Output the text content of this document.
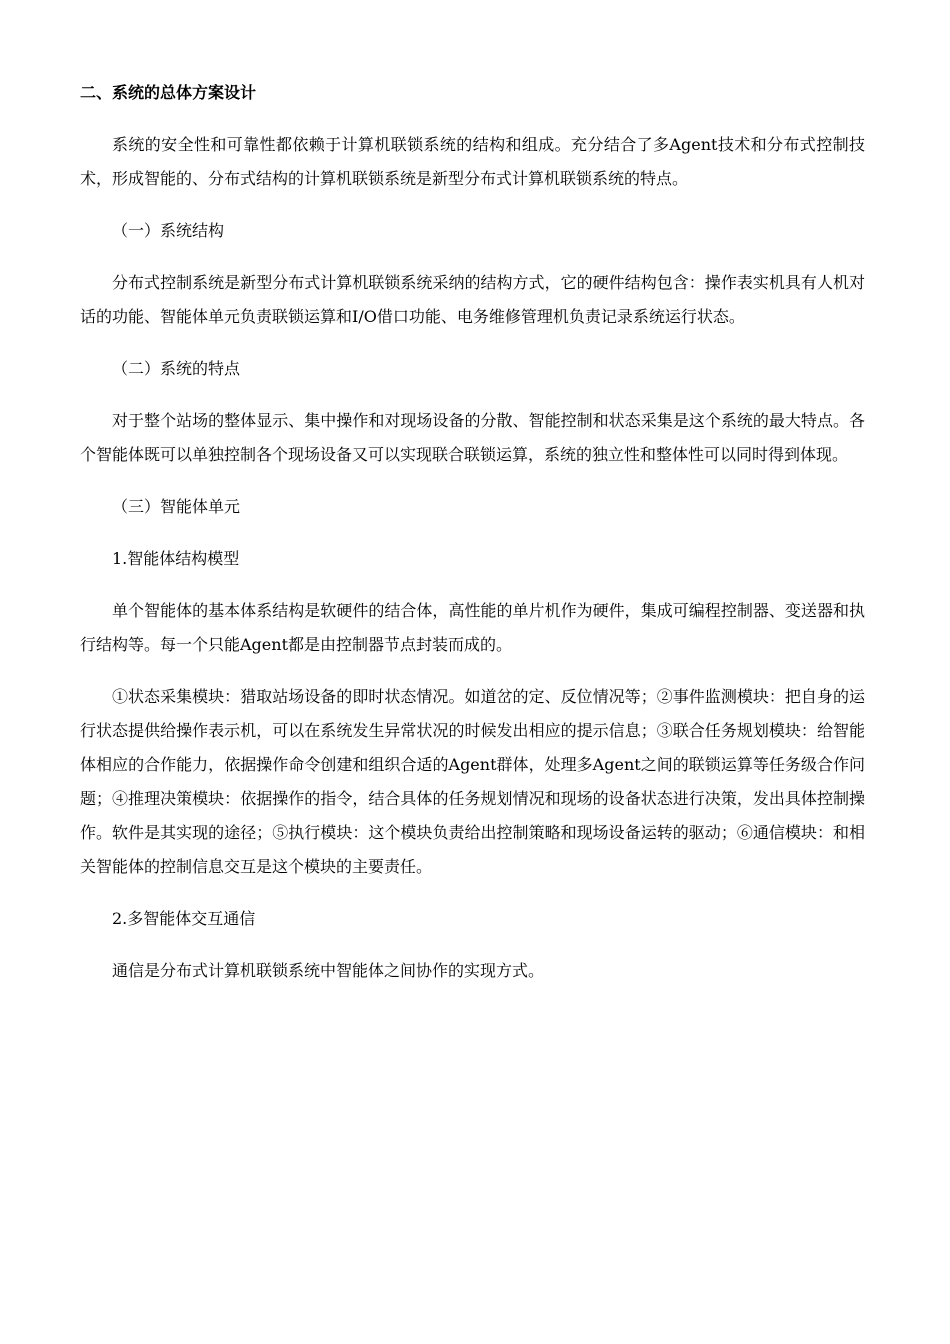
二、系统的总体方案设计
系统的安全性和可靠性都依赖于计算机联锁系统的结构和组成。充分结合了多Agent技术和分布式控制技术，形成智能的、分布式结构的计算机联锁系统是新型分布式计算机联锁系统的特点。
（一）系统结构
分布式控制系统是新型分布式计算机联锁系统采纳的结构方式，它的硬件结构包含：操作表实机具有人机对话的功能、智能体单元负责联锁运算和I/O借口功能、电务维修管理机负责记录系统运行状态。
（二）系统的特点
对于整个站场的整体显示、集中操作和对现场设备的分散、智能控制和状态采集是这个系统的最大特点。各个智能体既可以单独控制各个现场设备又可以实现联合联锁运算，系统的独立性和整体性可以同时得到体现。
（三）智能体单元
1.智能体结构模型
单个智能体的基本体系结构是软硬件的结合体，高性能的单片机作为硬件，集成可编程控制器、变送器和执行结构等。每一个只能Agent都是由控制器节点封装而成的。
①状态采集模块：猎取站场设备的即时状态情况。如道岔的定、反位情况等；②事件监测模块：把自身的运行状态提供给操作表示机，可以在系统发生异常状况的时候发出相应的提示信息；③联合任务规划模块：给智能体相应的合作能力，依据操作命令创建和组织合适的Agent群体，处理多Agent之间的联锁运算等任务级合作问题；④推理决策模块：依据操作的指令，结合具体的任务规划情况和现场的设备状态进行决策，发出具体控制操作。软件是其实现的途径；⑤执行模块：这个模块负责给出控制策略和现场设备运转的驱动；⑥通信模块：和相关智能体的控制信息交互是这个模块的主要责任。
2.多智能体交互通信
通信是分布式计算机联锁系统中智能体之间协作的实现方式。
